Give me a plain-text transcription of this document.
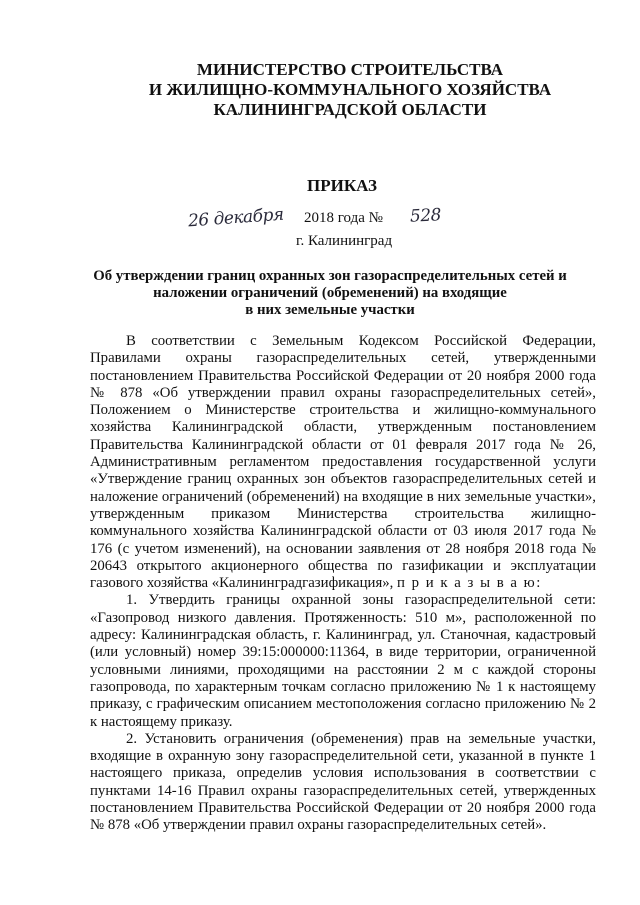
МИНИСТЕРСТВО СТРОИТЕЛЬСТВА
И ЖИЛИЩНО-КОММУНАЛЬНОГО ХОЗЯЙСТВА
КАЛИНИНГРАДСКОЙ ОБЛАСТИ
ПРИКАЗ
26 декабря 2018 года № 528
г. Калининград
Об утверждении границ охранных зон газораспределительных сетей и
наложении ограничений (обременений) на входящие
в них земельные участки

В соответствии с Земельным Кодексом Российской Федерации, Правилами охраны газораспределительных сетей, утвержденными постановлением Правительства Российской Федерации от 20 ноября 2000 года № 878 «Об утверждении правил охраны газораспределительных сетей», Положением о Министерстве строительства и жилищно-коммунального хозяйства Калининградской области, утвержденным постановлением Правительства Калининградской области от 01 февраля 2017 года № 26, Административным регламентом предоставления государственной услуги «Утверждение границ охранных зон объектов газораспределительных сетей и наложение ограничений (обременений) на входящие в них земельные участки», утвержденным приказом Министерства строительства жилищно-коммунального хозяйства Калининградской области от 03 июля 2017 года № 176 (с учетом изменений), на основании заявления от 28 ноября 2018 года № 20643 открытого акционерного общества по газификации и эксплуатации газового хозяйства «Калининградгазификация», п р и к а з ы в а ю:

1. Утвердить границы охранной зоны газораспределительной сети: «Газопровод низкого давления. Протяженность: 510 м», расположенной по адресу: Калининградская область, г. Калининград, ул. Станочная, кадастровый (или условный) номер 39:15:000000:11364, в виде территории, ограниченной условными линиями, проходящими на расстоянии 2 м с каждой стороны газопровода, по характерным точкам согласно приложению № 1 к настоящему приказу, с графическим описанием местоположения согласно приложению № 2 к настоящему приказу.

2. Установить ограничения (обременения) прав на земельные участки, входящие в охранную зону газораспределительной сети, указанной в пункте 1 настоящего приказа, определив условия использования в соответствии с пунктами 14-16 Правил охраны газораспределительных сетей, утвержденных постановлением Правительства Российской Федерации от 20 ноября 2000 года № 878 «Об утверждении правил охраны газораспределительных сетей».
